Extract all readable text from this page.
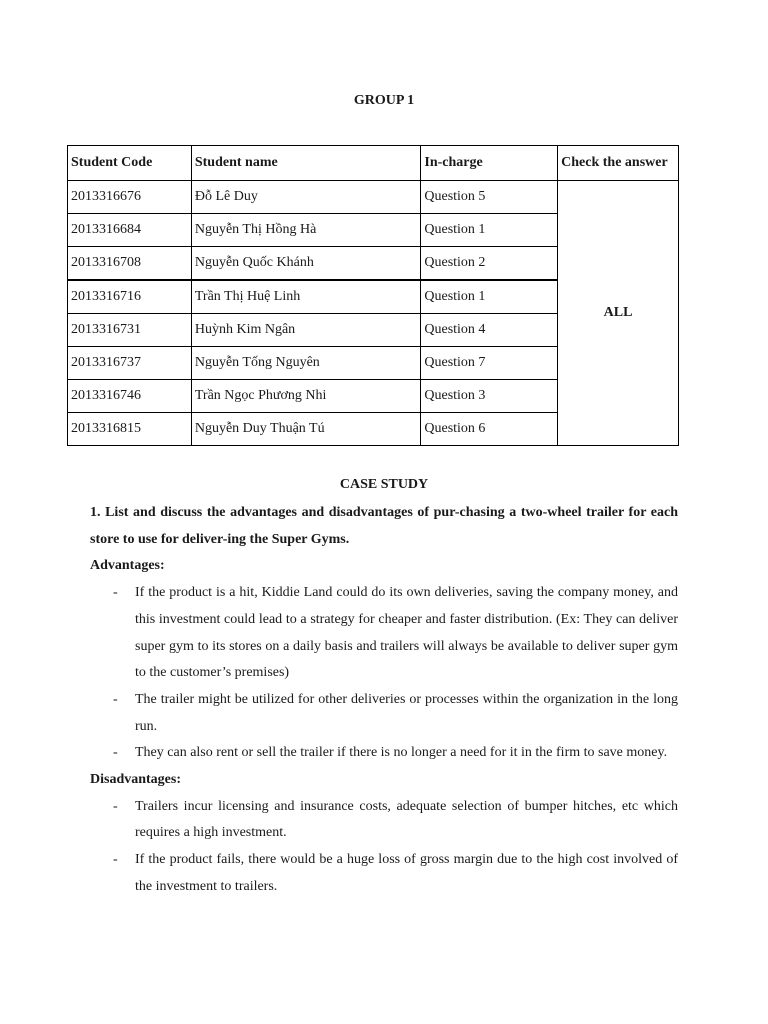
GROUP 1
Student Code	Student name	In-charge	Check the answer
2013316676	Đỗ Lê Duy	Question 5	ALL
2013316684	Nguyễn Thị Hồng Hà	Question 1	
2013316708	Nguyễn Quốc Khánh	Question 2	
2013316716	Trần Thị Huệ Linh	Question 1	
2013316731	Huỳnh Kim Ngân	Question 4	
2013316737	Nguyễn Tống Nguyên	Question 7	
2013316746	Trần Ngọc Phương Nhi	Question 3	
2013316815	Nguyễn Duy Thuận Tú	Question 6	
CASE STUDY

1. List and discuss the advantages and disadvantages of pur-chasing a two-wheel trailer for each store to use for deliver-ing the Super Gyms.

Advantages:

- If the product is a hit, Kiddie Land could do its own deliveries, saving the company money, and this investment could lead to a strategy for cheaper and faster distribution. (Ex: They can deliver super gym to its stores on a daily basis and trailers will always be available to deliver super gym to the customer’s premises)
- The trailer might be utilized for other deliveries or processes within the organization in the long run.
- They can also rent or sell the trailer if there is no longer a need for it in the firm to save money.

Disadvantages:

- Trailers incur licensing and insurance costs, adequate selection of bumper hitches, etc which requires a high investment.
- If the product fails, there would be a huge loss of gross margin due to the high cost involved of the investment to trailers.
